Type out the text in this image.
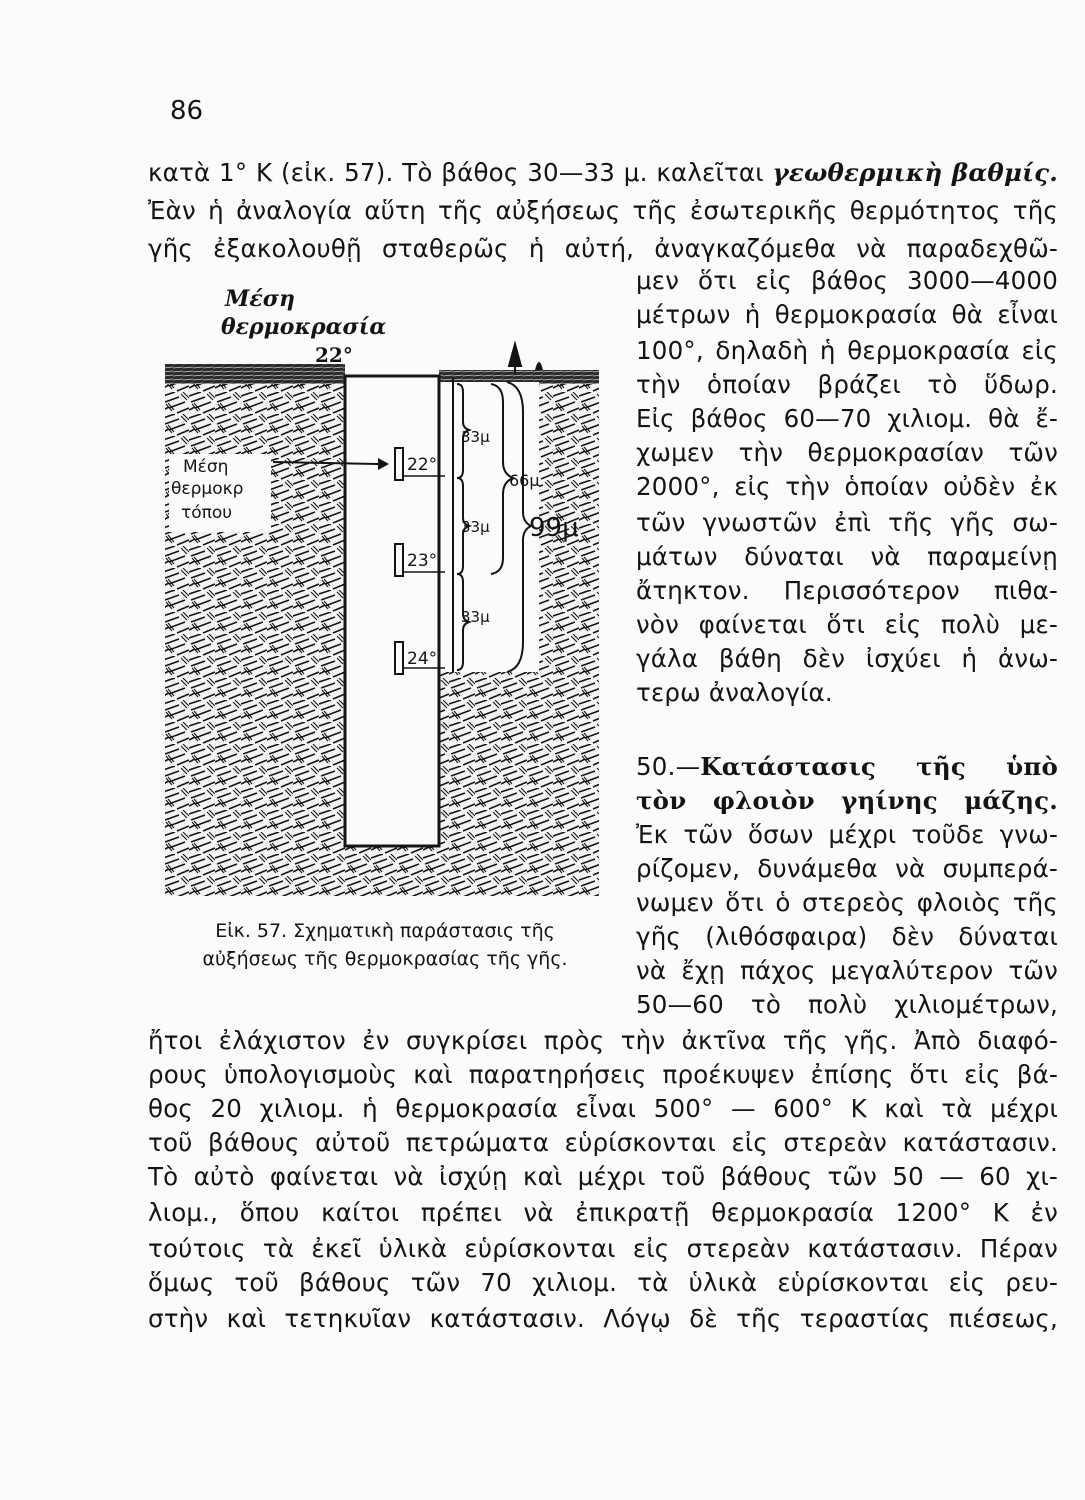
86
κατὰ 1° Κ (εἰκ. 57). Τὸ βάθος 30—33 μ. καλεῖται γεωθερμικὴ βαθμίς.
Ἐὰν ἡ ἀναλογία αὕτη τῆς αὐξήσεως τῆς ἐσωτερικῆς θερμότητος τῆς
γῆς ἐξακολουθῇ σταθερῶς ἡ αὐτή, ἀναγκαζόμεθα νὰ παραδεχθῶ-
μεν ὅτι εἰς βάθος 3000—4000
μέτρων ἡ θερμοκρασία θὰ εἶναι
100°, δηλαδὴ ἡ θερμοκρασία εἰς
τὴν ὁποίαν βράζει τὸ ὕδωρ.
Εἰς βάθος 60—70 χιλιομ. θὰ ἔ-
χωμεν τὴν θερμοκρασίαν τῶν
2000°, εἰς τὴν ὁποίαν οὐδὲν ἐκ
τῶν γνωστῶν ἐπὶ τῆς γῆς σω-
μάτων δύναται νὰ παραμείνῃ
ἄτηκτον. Περισσότερον πιθα-
νὸν φαίνεται ὅτι εἰς πολὺ με-
γάλα βάθη δὲν ἰσχύει ἡ ἀνω-
τερω ἀναλογία.
50.—Κατάστασις τῆς ὑπὸ
τὸν φλοιὸν γηίνης μάζης.
Ἐκ τῶν ὅσων μέχρι τοῦδε γνω-
ρίζομεν, δυνάμεθα νὰ συμπερά-
νωμεν ὅτι ὁ στερεὸς φλοιὸς τῆς
γῆς (λιθόσφαιρα) δὲν δύναται
νὰ ἔχῃ πάχος μεγαλύτερον τῶν
50—60 τὸ πολὺ χιλιομέτρων,
ἤτοι ἐλάχιστον ἐν συγκρίσει πρὸς τὴν ἀκτῖνα τῆς γῆς. Ἀπὸ διαφό-
ρους ὑπολογισμοὺς καὶ παρατηρήσεις προέκυψεν ἐπίσης ὅτι εἰς βά-
θος 20 χιλιομ. ἡ θερμοκρασία εἶναι 500° — 600° Κ καὶ τὰ μέχρι
τοῦ βάθους αὐτοῦ πετρώματα εὑρίσκονται εἰς στερεὰν κατάστασιν.
Τὸ αὐτὸ φαίνεται νὰ ἰσχύῃ καὶ μέχρι τοῦ βάθους τῶν 50 — 60 χι-
λιομ., ὅπου καίτοι πρέπει νὰ ἐπικρατῇ θερμοκρασία 1200° Κ ἐν
τούτοις τὰ ἐκεῖ ὑλικὰ εὑρίσκονται εἰς στερεὰν κατάστασιν. Πέραν
ὅμως τοῦ βάθους τῶν 70 χιλιομ. τὰ ὑλικὰ εὑρίσκονται εἰς ρευ-
στὴν καὶ τετηκυῖαν κατάστασιν. Λόγῳ δὲ τῆς τεραστίας πιέσεως,
Μέση
θερμοκρασία
22°
Μέση
θερμοκρ
τόπου
22°
23°
24°
33μ
33μ
33μ
66μ
99μ
Εἰκ. 57. Σχηματικὴ παράστασις τῆς
αὐξήσεως τῆς θερμοκρασίας τῆς γῆς.
